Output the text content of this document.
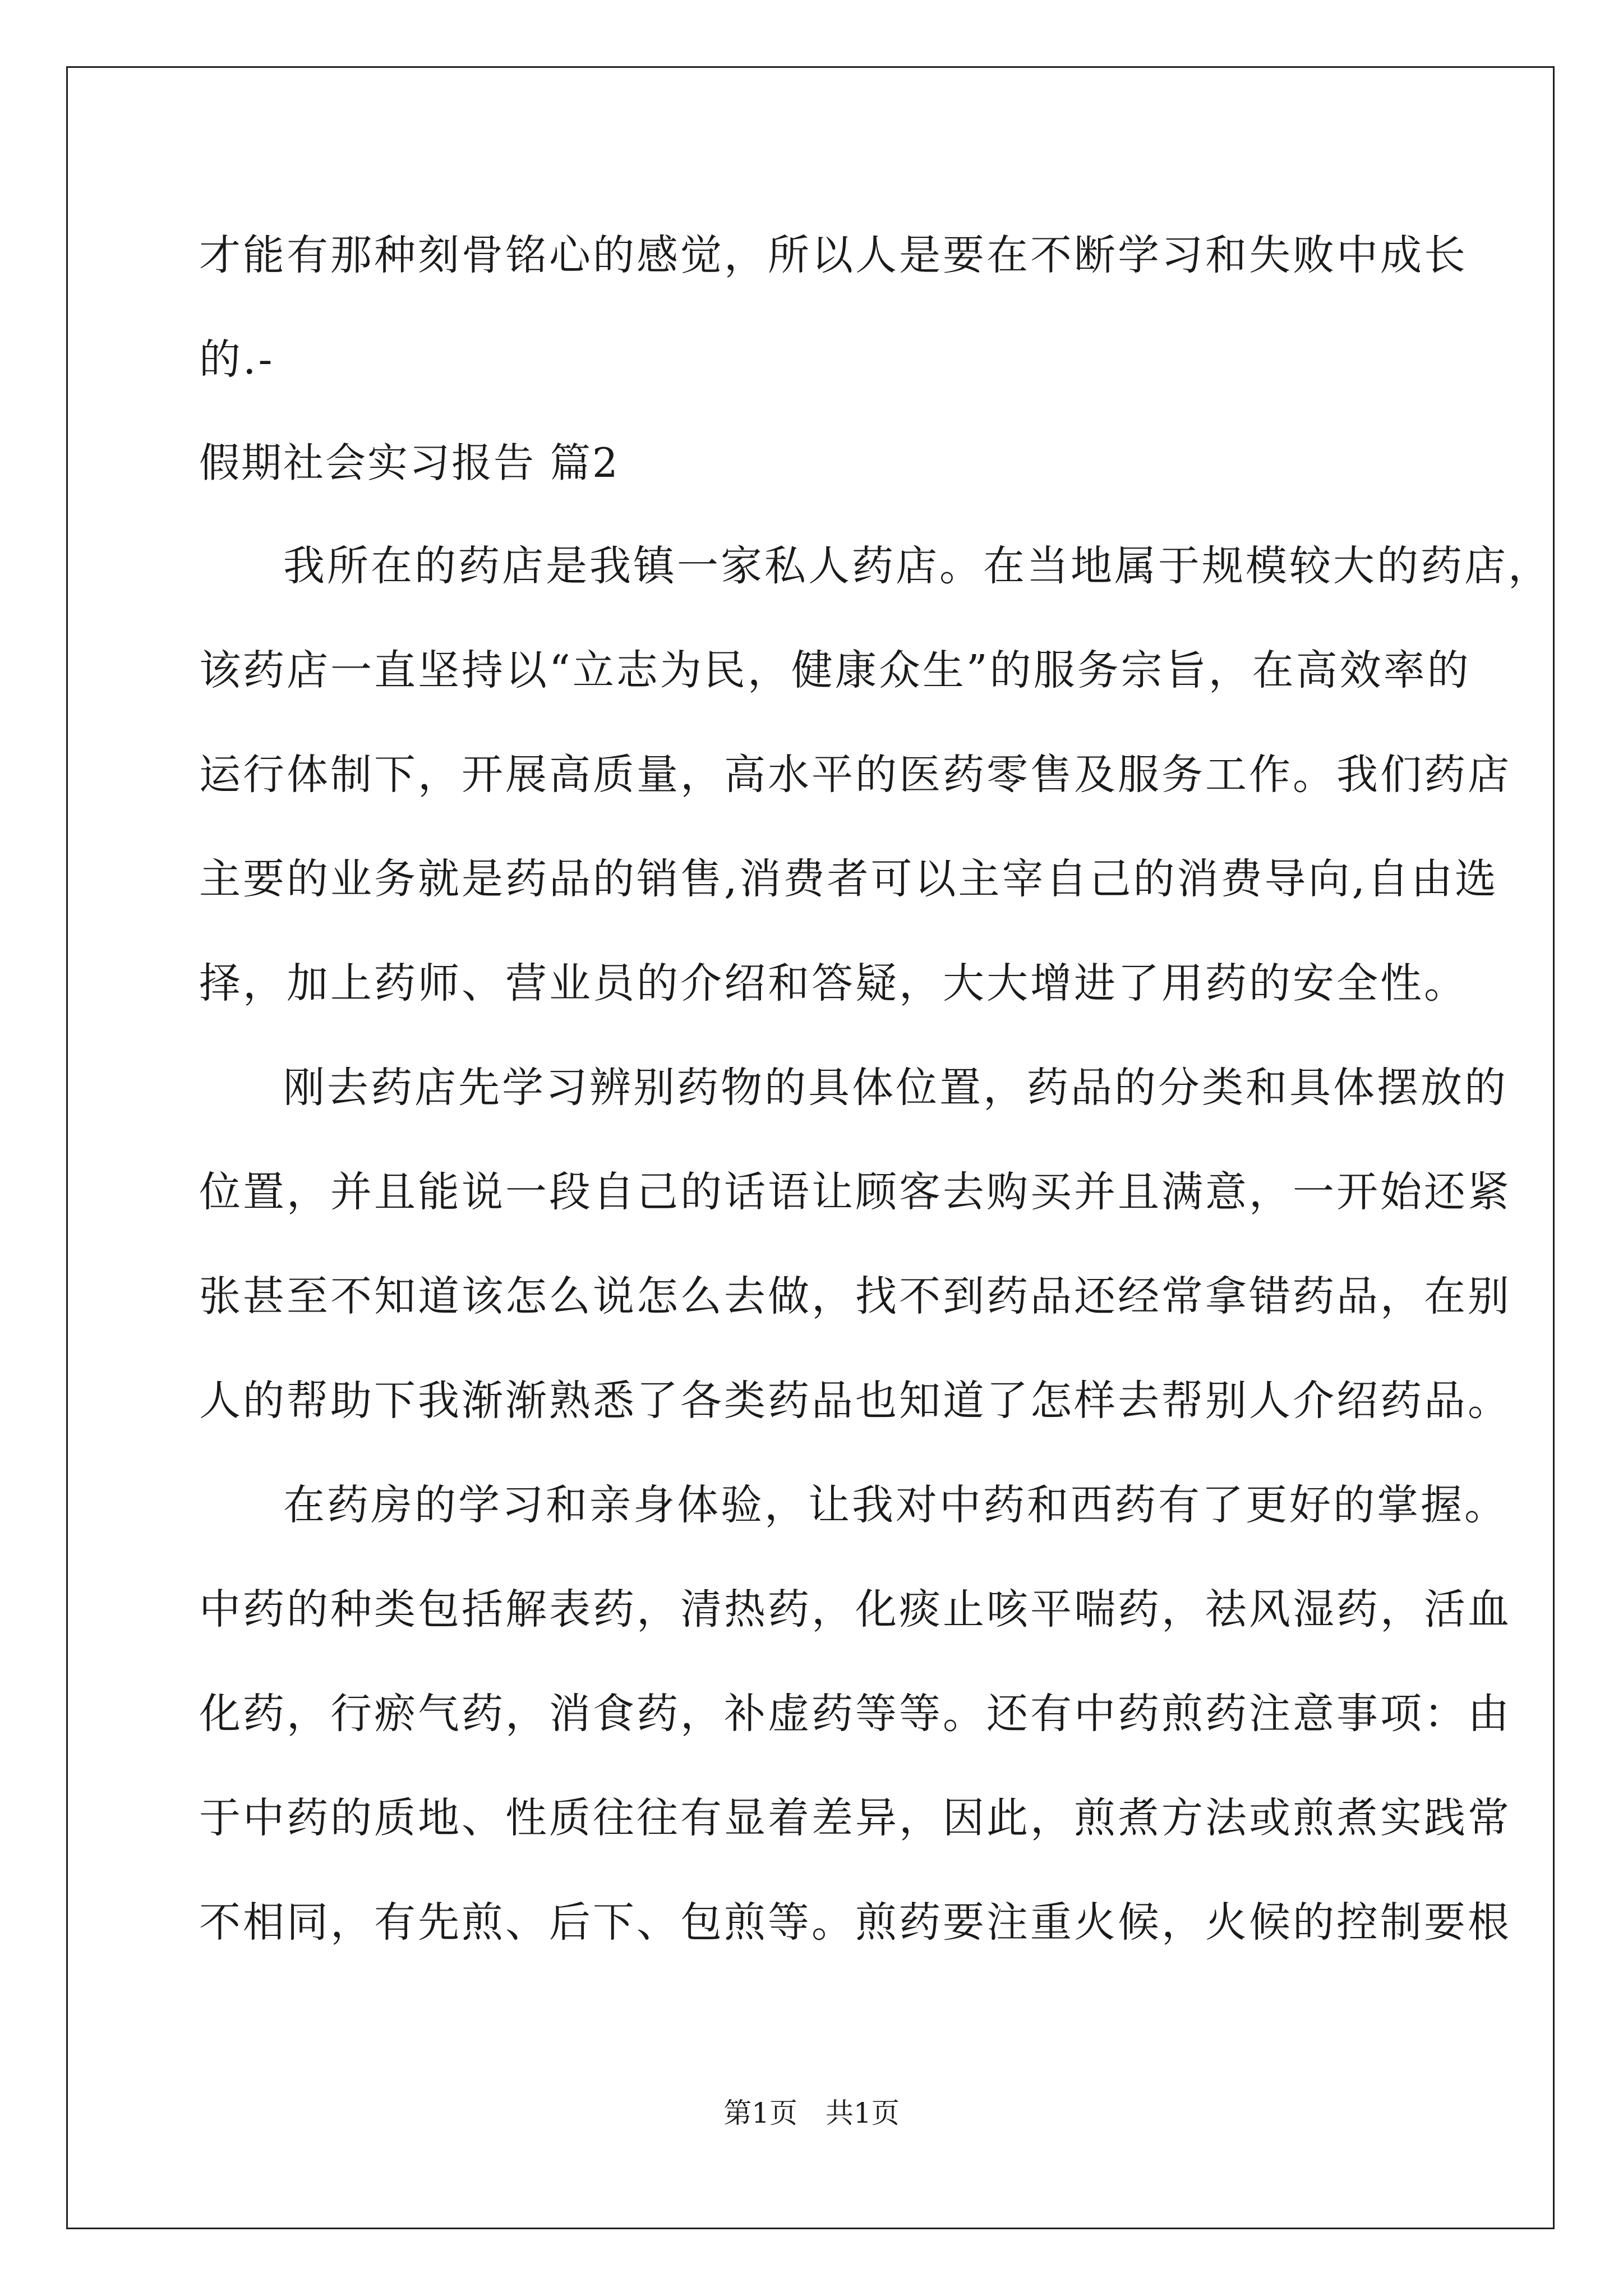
才能有那种刻骨铭心的感觉，所以人是要在不断学习和失败中成长
的.-
假期社会实习报告 篇2
我所在的药店是我镇一家私人药店。在当地属于规模较大的药店，
该药店一直坚持以“立志为民，健康众生”的服务宗旨，在高效率的
运行体制下，开展高质量，高水平的医药零售及服务工作。我们药店
主要的业务就是药品的销售,消费者可以主宰自己的消费导向,自由选
择，加上药师、营业员的介绍和答疑，大大增进了用药的安全性。
刚去药店先学习辨别药物的具体位置，药品的分类和具体摆放的
位置，并且能说一段自己的话语让顾客去购买并且满意，一开始还紧
张甚至不知道该怎么说怎么去做，找不到药品还经常拿错药品，在别
人的帮助下我渐渐熟悉了各类药品也知道了怎样去帮别人介绍药品。
在药房的学习和亲身体验，让我对中药和西药有了更好的掌握。
中药的种类包括解表药，清热药，化痰止咳平喘药，祛风湿药，活血
化药，行瘀气药，消食药，补虚药等等。还有中药煎药注意事项：由
于中药的质地、性质往往有显着差异，因此，煎煮方法或煎煮实践常
不相同，有先煎、后下、包煎等。煎药要注重火候，火候的控制要根
第1页　共1页
